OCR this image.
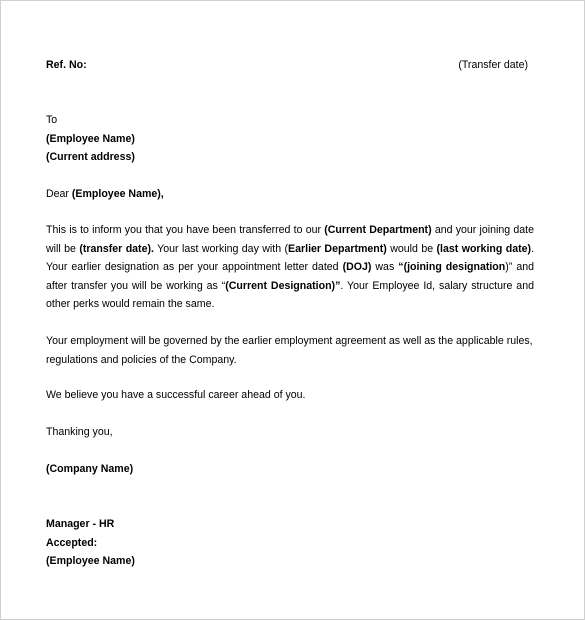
Ref. No:	(Transfer date)
To
(Employee Name)
(Current address)
Dear (Employee Name),
This is to inform you that you have been transferred to our (Current Department) and your joining date will be (transfer date). Your last working day with (Earlier Department) would be (last working date). Your earlier designation as per your appointment letter dated (DOJ) was “(joining designation)” and after transfer you will be working as “(Current Designation)”. Your Employee Id, salary structure and other perks would remain the same.
Your employment will be governed by the earlier employment agreement as well as the applicable rules, regulations and policies of the Company.
We believe you have a successful career ahead of you.
Thanking you,
(Company Name)
Manager - HR
Accepted:
(Employee Name)
